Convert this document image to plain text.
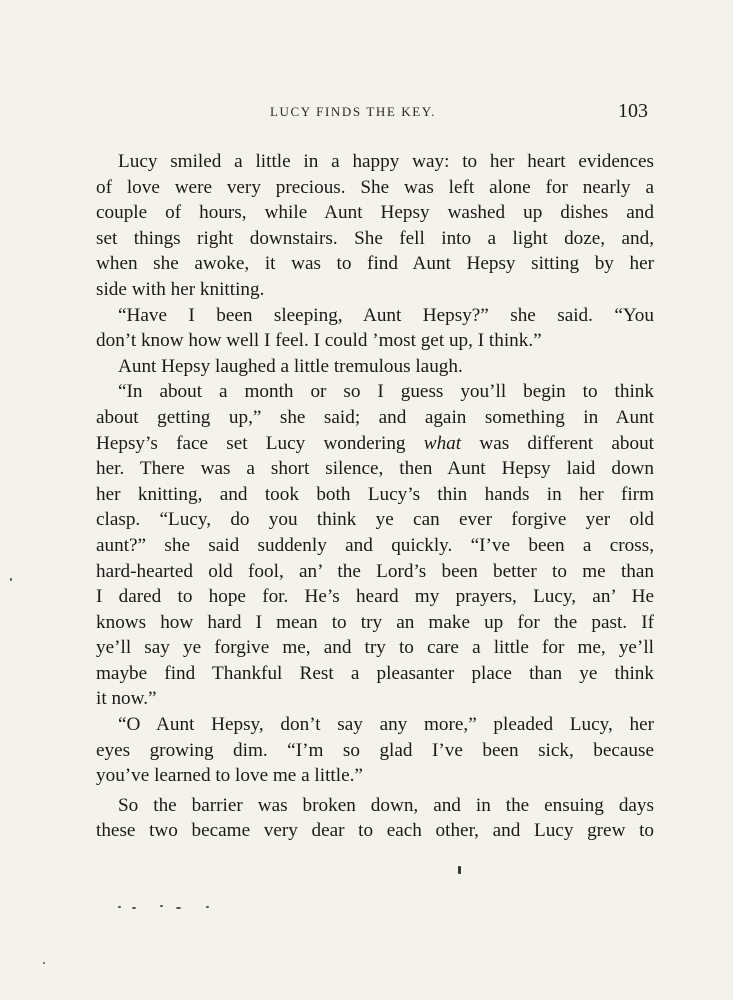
LUCY FINDS THE KEY.	103
Lucy smiled a little in a happy way: to her heart evidences
of love were very precious. She was left alone for nearly a
couple of hours, while Aunt Hepsy washed up dishes and
set things right downstairs. She fell into a light doze, and,
when she awoke, it was to find Aunt Hepsy sitting by her
side with her knitting.
“Have I been sleeping, Aunt Hepsy?” she said. “You
don’t know how well I feel. I could ’most get up, I think.”
Aunt Hepsy laughed a little tremulous laugh.
“In about a month or so I guess you’ll begin to think
about getting up,” she said; and again something in Aunt
Hepsy’s face set Lucy wondering what was different about
her. There was a short silence, then Aunt Hepsy laid down
her knitting, and took both Lucy’s thin hands in her firm
clasp. “Lucy, do you think ye can ever forgive yer old
aunt?” she said suddenly and quickly. “I’ve been a cross,
hard-hearted old fool, an’ the Lord’s been better to me than
I dared to hope for. He’s heard my prayers, Lucy, an’ He
knows how hard I mean to try an make up for the past. If
ye’ll say ye forgive me, and try to care a little for me, ye’ll
maybe find Thankful Rest a pleasanter place than ye think
it now.”
“O Aunt Hepsy, don’t say any more,” pleaded Lucy, her
eyes growing dim. “I’m so glad I’ve been sick, because
you’ve learned to love me a little.”
So the barrier was broken down, and in the ensuing days
these two became very dear to each other, and Lucy grew to
